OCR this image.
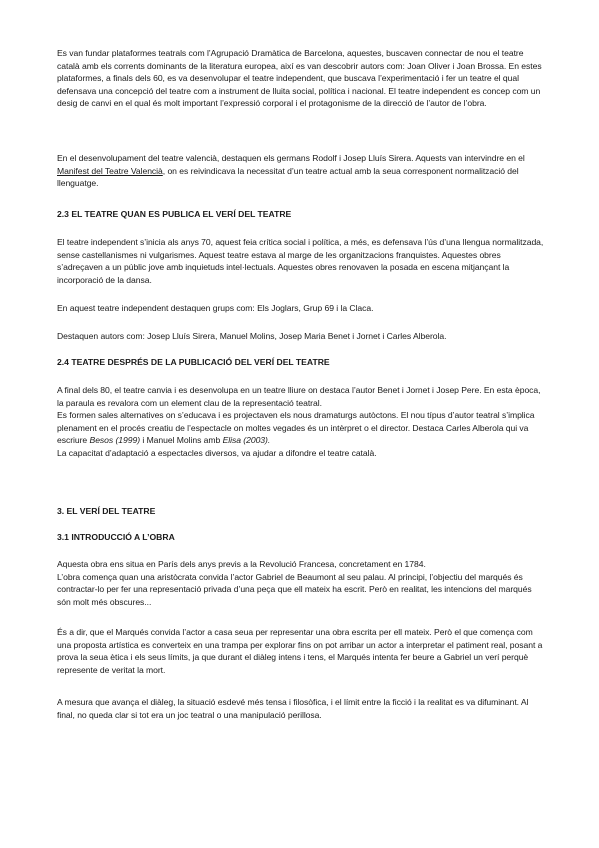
Es van fundar plataformes teatrals com l’Agrupació Dramàtica de Barcelona, aquestes, buscaven connectar de nou el teatre català amb els corrents dominants de la literatura europea, així es van descobrir autors com: Joan Oliver i Joan Brossa. En estes plataformes, a finals dels 60, es va desenvolupar el teatre independent, que buscava l’experimentació i fer un teatre el qual defensava una concepció del teatre com a instrument de lluita social, política i nacional. El teatre independent es concep com un desig de canvi en el qual és molt important l’expressió corporal i el protagonisme de la direcció de l’autor de l’obra.

En el desenvolupament del teatre valencià, destaquen els germans Rodolf i Josep Lluís Sirera. Aquests van intervindre en el Manifest del Teatre Valencià, on es reivindicava la necessitat d’un teatre actual amb la seua corresponent normalització del llenguatge.

2.3 EL TEATRE QUAN ES PUBLICA EL VERÍ DEL TEATRE

El teatre independent s’inicia als anys 70, aquest feia crítica social i política, a més, es defensava l’ús d’una llengua normalitzada, sense castellanismes ni vulgarismes. Aquest teatre estava al marge de les organitzacions franquistes. Aquestes obres s’adreçaven a un públic jove amb inquietuds intel·lectuals. Aquestes obres renovaven la posada en escena mitjançant la incorporació de la dansa.

En aquest teatre independent destaquen grups com: Els Joglars, Grup 69 i la Claca.

Destaquen autors com: Josep Lluís Sirera, Manuel Molins, Josep Maria Benet i Jornet i Carles Alberola.

2.4 TEATRE DESPRÉS DE LA PUBLICACIÓ DEL VERÍ DEL TEATRE

A final dels 80, el teatre canvia i es desenvolupa en un teatre lliure on destaca l’autor Benet i Jornet i Josep Pere. En esta època, la paraula es revalora com un element clau de la representació teatral.

Es formen sales alternatives on s’educava i es projectaven els nous dramaturgs autòctons. El nou típus d’autor teatral s’implica plenament en el procés creatiu de l’espectacle on moltes vegades és un intèrpret o el director. Destaca Carles Alberola qui va escriure Besos (1999) i Manuel Molins amb Elisa (2003).

La capacitat d’adaptació a espectacles diversos, va ajudar a difondre el teatre català.

3. EL VERÍ DEL TEATRE
3.1 INTRODUCCIÓ A L’OBRA

Aquesta obra ens situa en París dels anys previs a la Revolució Francesa, concretament en 1784.

L’obra comença quan una aristòcrata convida l’actor Gabriel de Beaumont al seu palau. Al principi, l’objectiu del marqués és contractar-lo per fer una representació privada d’una peça que ell mateix ha escrit. Però en realitat, les intencions del marqués són molt més obscures...

És a dir, que el Marqués convida l’actor a casa seua per representar una obra escrita per ell mateix. Però el que comença com una proposta artística es converteix en una trampa per explorar fins on pot arribar un actor a interpretar el patiment real, posant a prova la seua ètica i els seus límits, ja que durant el diàleg intens i tens, el Marqués intenta fer beure a Gabriel un verí perquè represente de veritat la mort.

A mesura que avança el diàleg, la situació esdevé més tensa i filosòfica, i el límit entre la ficció i la realitat es va difuminant. Al final, no queda clar si tot era un joc teatral o una manipulació perillosa.
